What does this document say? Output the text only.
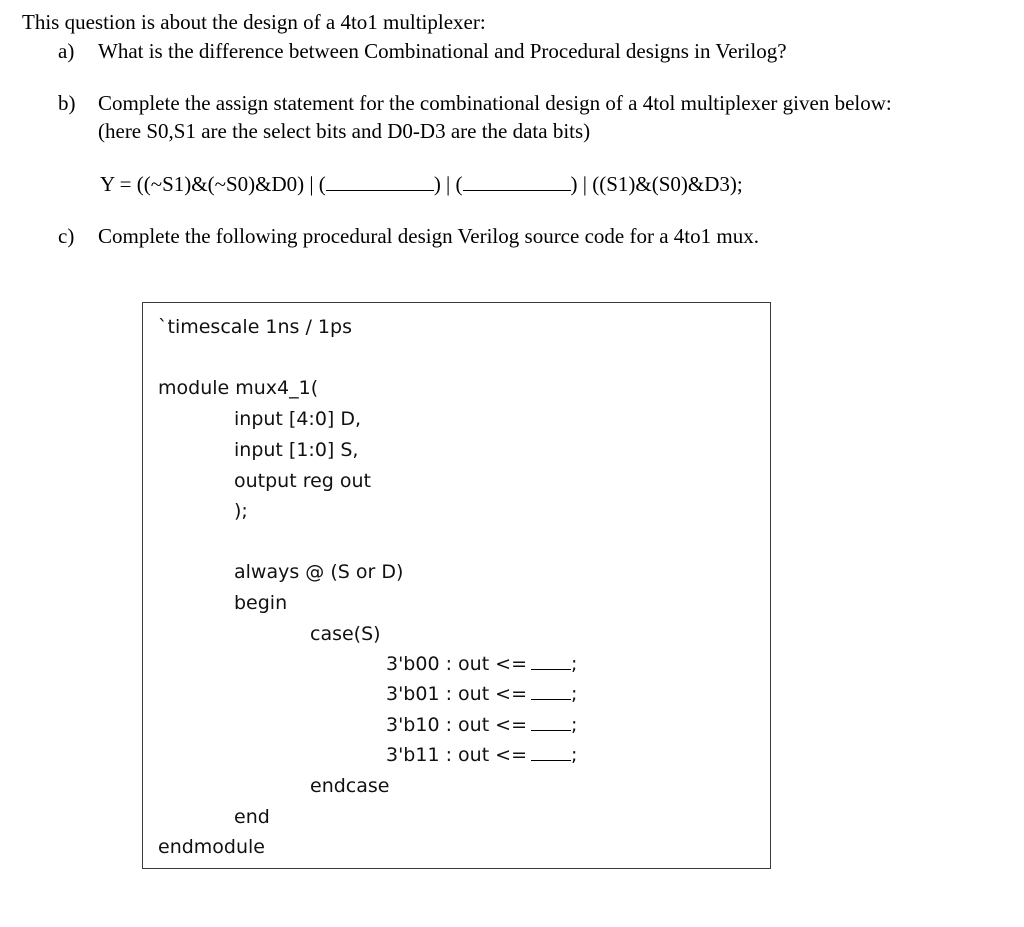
This question is about the design of a 4to1 multiplexer:
a) What is the difference between Combinational and Procedural designs in Verilog?
b) Complete the assign statement for the combinational design of a 4tol multiplexer given below:
(here S0,S1 are the select bits and D0-D3 are the data bits)
Y = ((~S1)&(~S0)&D0) | (	) | (	) | ((S1)&(S0)&D3);
c) Complete the following procedural design Verilog source code for a 4to1 mux.
`timescale 1ns / 1ps
module mux4_1(
input [4:0] D,
input [1:0] S,
output reg out
);
always @ (S or D)
begin
case(S)
3'b00 : out <= ;
3'b01 : out <= ;
3'b10 : out <= ;
3'b11 : out <= ;
endcase
end
endmodule
